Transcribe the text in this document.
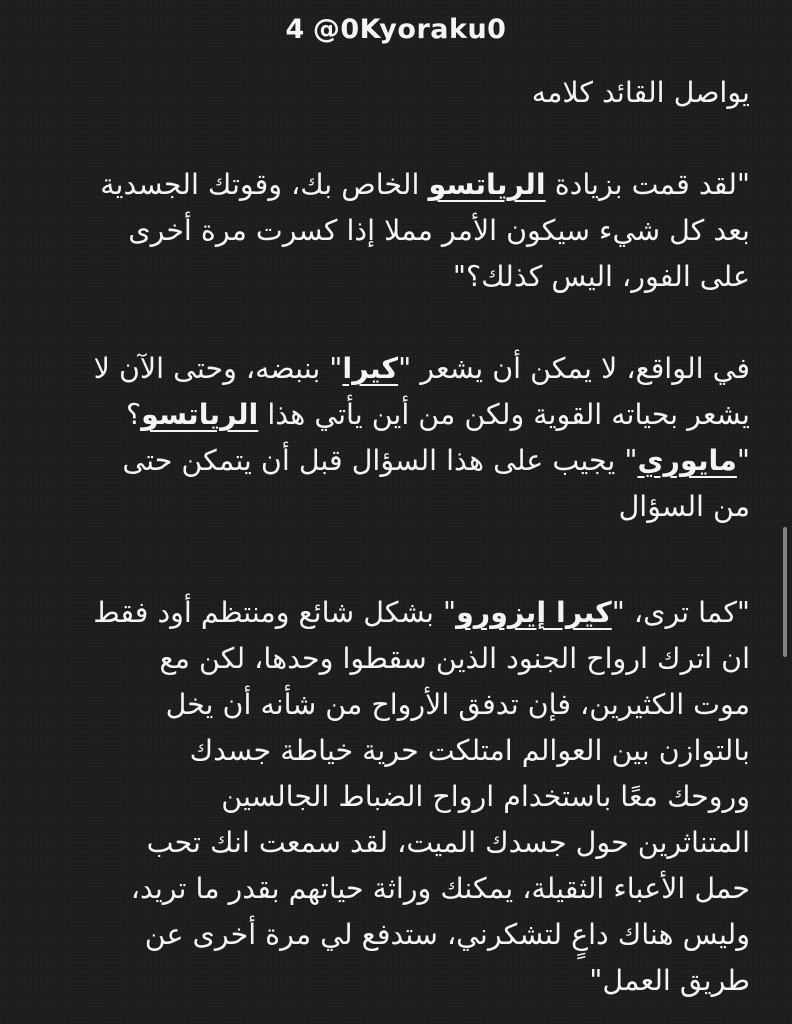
4 @0Kyoraku0
يواصل القائد كلامه
"لقد قمت بزيادة الرياتسو الخاص بك، وقوتك الجسدية
بعد كل شيء سيكون الأمر مملا إذا كسرت مرة أخرى
على الفور، اليس كذلك؟"
في الواقع، لا يمكن أن يشعر "كيرا" بنبضه، وحتى الآن لا
يشعر بحياته القوية ولكن من أين يأتي هذا الرياتسو؟
"مايوري" يجيب على هذا السؤال قبل أن يتمكن حتى
من السؤال
"كما ترى، "كيرا إيزورو" بشكل شائع ومنتظم أود فقط
ان اترك ارواح الجنود الذين سقطوا وحدها، لكن مع
موت الكثيرين، فإن تدفق الأرواح من شأنه أن يخل
بالتوازن بين العوالم امتلكت حرية خياطة جسدك
وروحك معًا باستخدام ارواح الضباط الجالسين
المتناثرين حول جسدك الميت، لقد سمعت انك تحب
حمل الأعباء الثقيلة، يمكنك وراثة حياتهم بقدر ما تريد،
وليس هناك داعٍ لتشكرني، ستدفع لي مرة أخرى عن
طريق العمل"
